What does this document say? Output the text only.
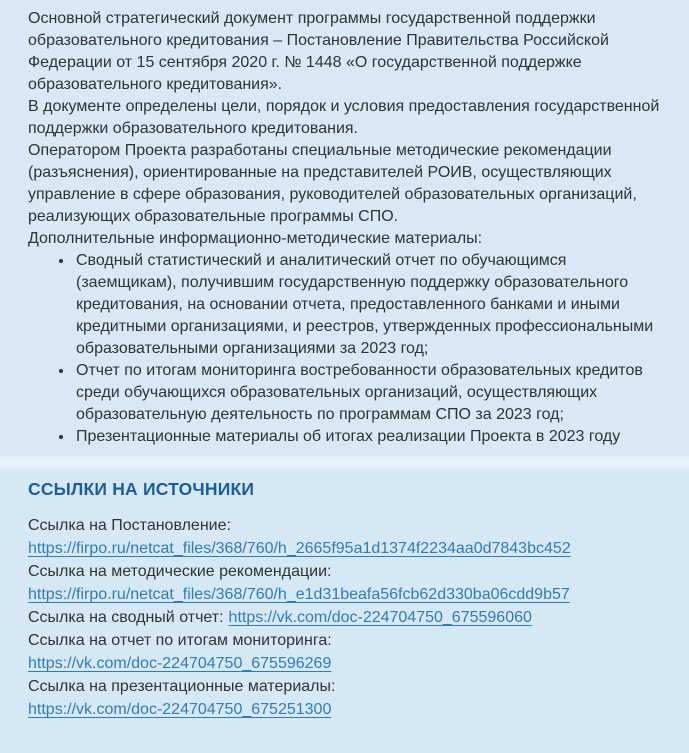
Основной стратегический документ программы государственной поддержки образовательного кредитования – Постановление Правительства Российской Федерации от 15 сентября 2020 г. № 1448 «О государственной поддержке образовательного кредитования».

В документе определены цели, порядок и условия предоставления государственной поддержки образовательного кредитования.

Оператором Проекта разработаны специальные методические рекомендации (разъяснения), ориентированные на представителей РОИВ, осуществляющих управление в сфере образования, руководителей образовательных организаций, реализующих образовательные программы СПО.

Дополнительные информационно-методические материалы:

• Сводный статистический и аналитический отчет по обучающимся (заемщикам), получившим государственную поддержку образовательного кредитования, на основании отчета, предоставленного банками и иными кредитными организациями, и реестров, утвержденных профессиональными образовательными организациями за 2023 год;
• Отчет по итогам мониторинга востребованности образовательных кредитов среди обучающихся образовательных организаций, осуществляющих образовательную деятельность по программам СПО за 2023 год;
• Презентационные материалы об итогах реализации Проекта в 2023 году
ССЫЛКИ НА ИСТОЧНИКИ
Ссылка на Постановление:
https://firpo.ru/netcat_files/368/760/h_2665f95a1d1374f2234aa0d7843bc452
Ссылка на методические рекомендации:
https://firpo.ru/netcat_files/368/760/h_e1d31beafa56fcb62d330ba06cdd9b57
Ссылка на сводный отчет: https://vk.com/doc-224704750_675596060
Ссылка на отчет по итогам мониторинга:
https://vk.com/doc-224704750_675596269
Ссылка на презентационные материалы:
https://vk.com/doc-224704750_675251300
